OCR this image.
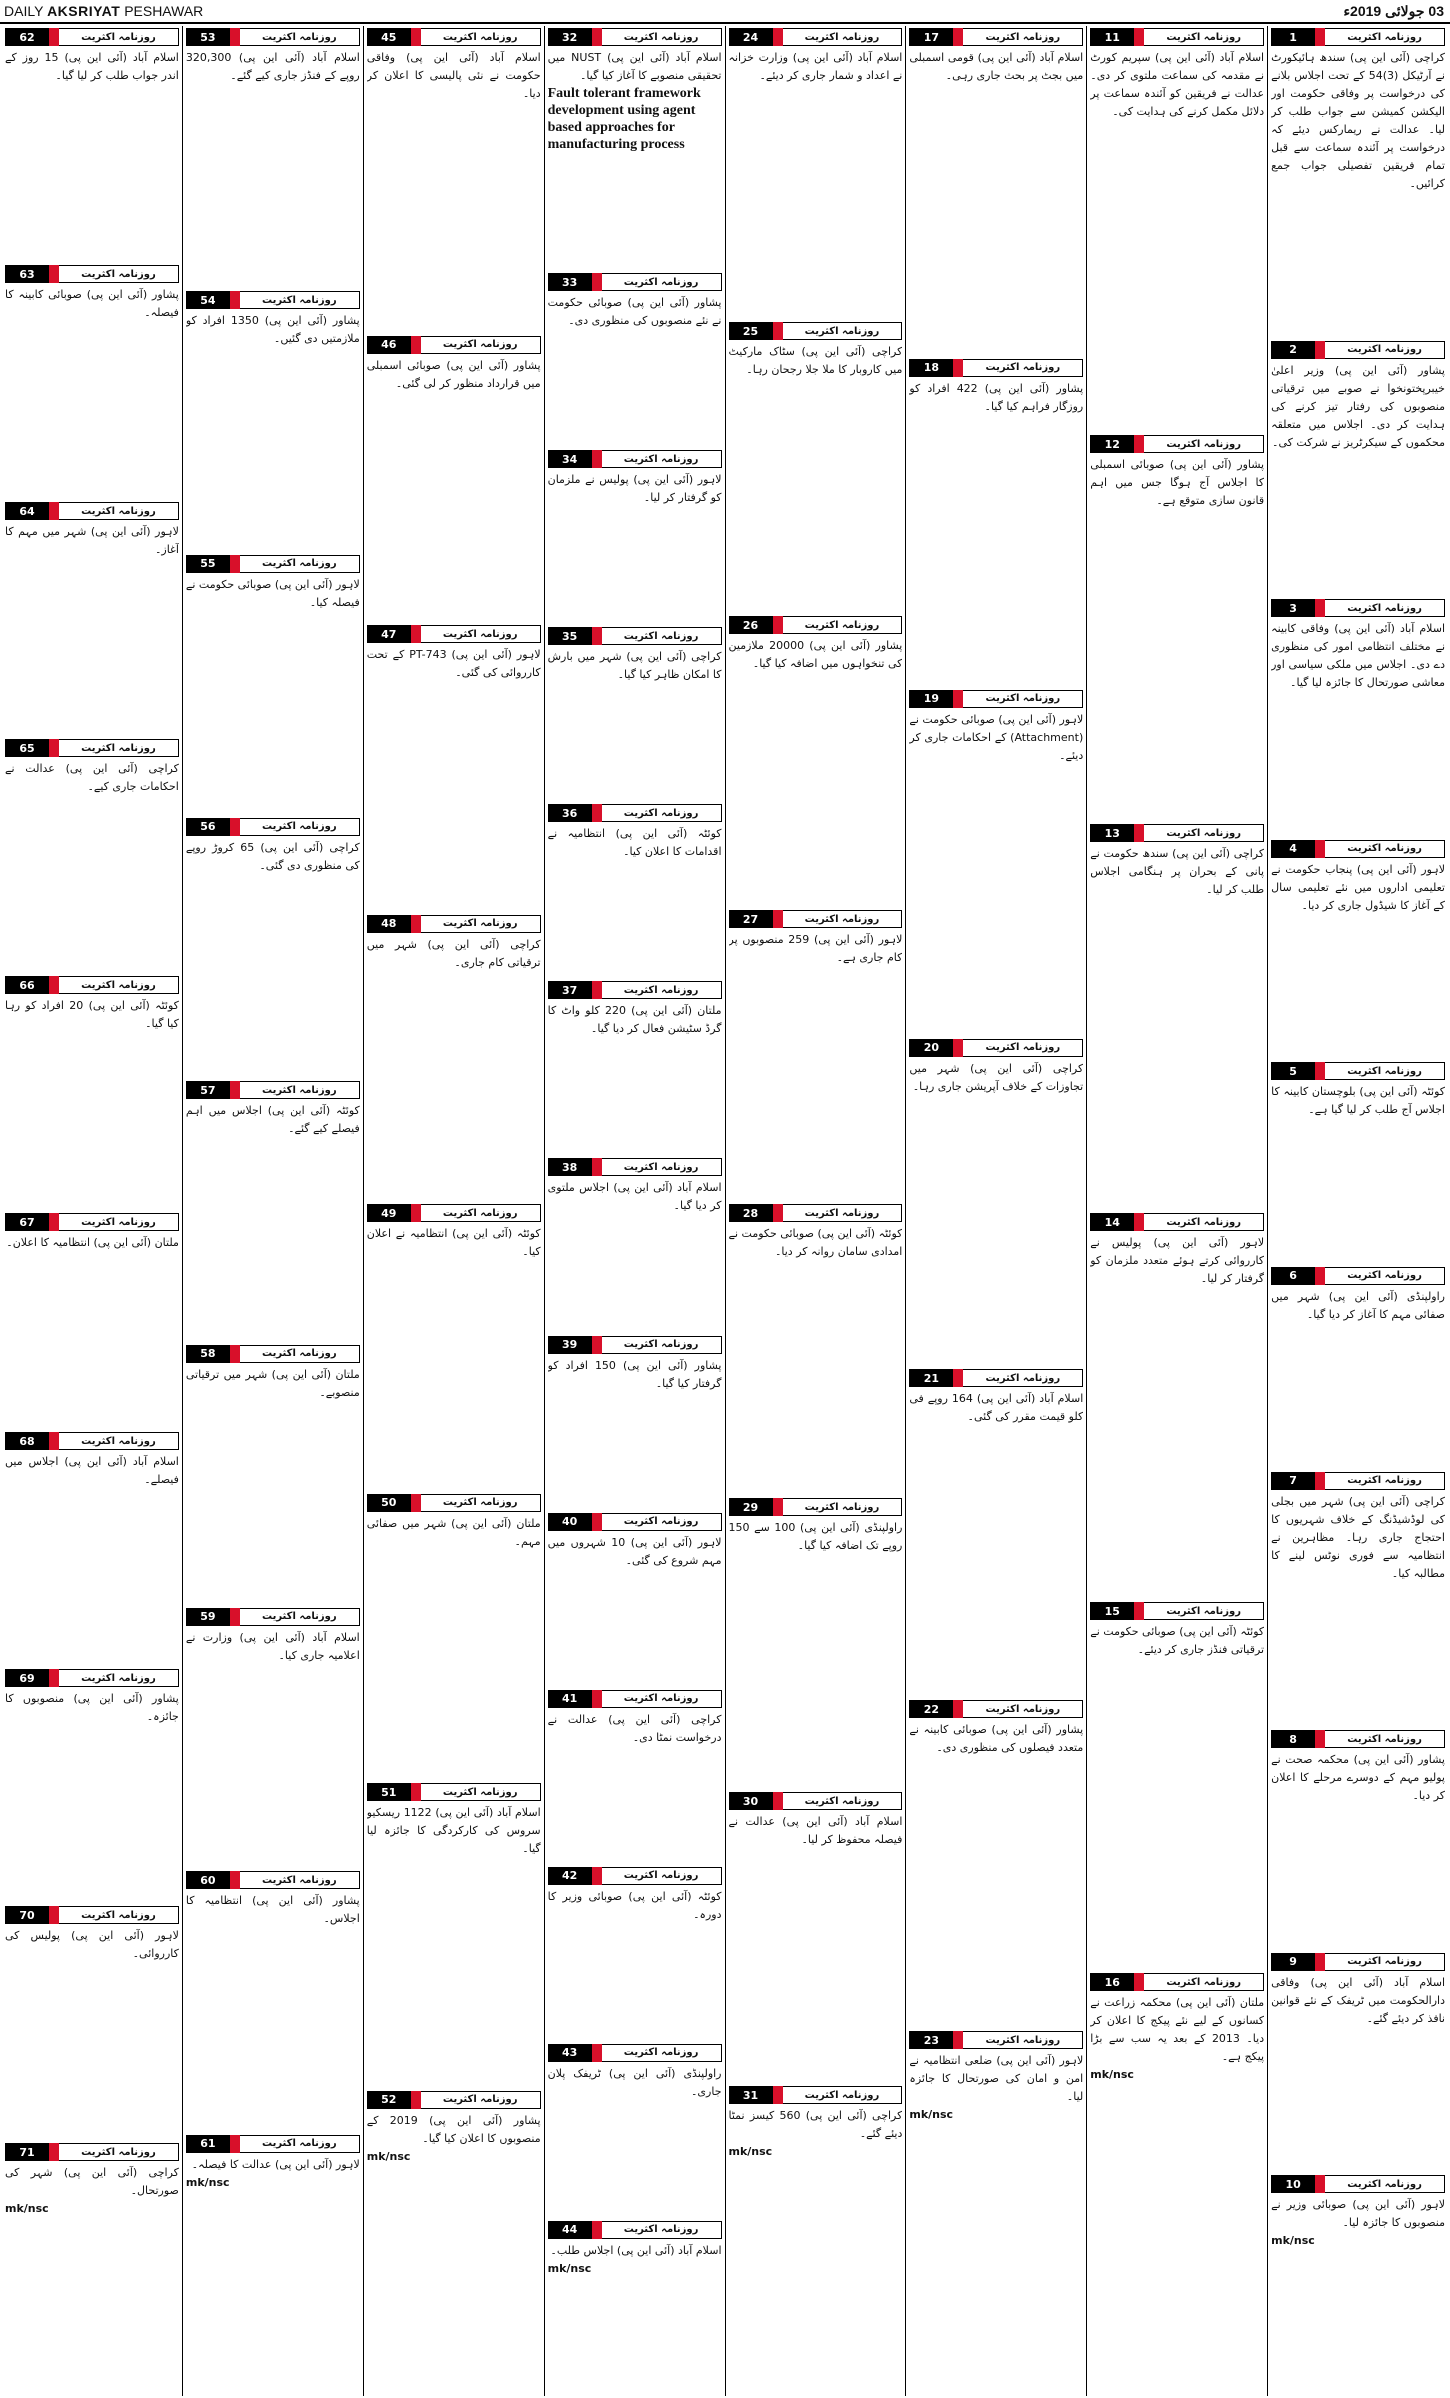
DAILY AKSRIYAT PESHAWAR	03 جولائی 2019ء
1	روزنامہ اکثریت

کراچی (آئی این پی) سندھ ہائیکورٹ نے آرٹیکل (3)54 کے تحت اجلاس بلانے کی درخواست پر وفاقی حکومت اور الیکشن کمیشن سے جواب طلب کر لیا۔ عدالت نے ریمارکس دیئے کہ درخواست پر آئندہ سماعت سے قبل تمام فریقین تفصیلی جواب جمع کرائیں۔

2	روزنامہ اکثریت

پشاور (آئی این پی) وزیر اعلیٰ خیبرپختونخوا نے صوبے میں ترقیاتی منصوبوں کی رفتار تیز کرنے کی ہدایت کر دی۔ اجلاس میں متعلقہ محکموں کے سیکرٹریز نے شرکت کی۔

3	روزنامہ اکثریت

اسلام آباد (آئی این پی) وفاقی کابینہ نے مختلف انتظامی امور کی منظوری دے دی۔ اجلاس میں ملکی سیاسی اور معاشی صورتحال کا جائزہ لیا گیا۔

4	روزنامہ اکثریت

لاہور (آئی این پی) پنجاب حکومت نے تعلیمی اداروں میں نئے تعلیمی سال کے آغاز کا شیڈول جاری کر دیا۔

5	روزنامہ اکثریت

کوئٹہ (آئی این پی) بلوچستان کابینہ کا اجلاس آج طلب کر لیا گیا ہے۔

6	روزنامہ اکثریت

راولپنڈی (آئی این پی) شہر میں صفائی مہم کا آغاز کر دیا گیا۔

7	روزنامہ اکثریت

کراچی (آئی این پی) شہر میں بجلی کی لوڈشیڈنگ کے خلاف شہریوں کا احتجاج جاری رہا۔ مظاہرین نے انتظامیہ سے فوری نوٹس لینے کا مطالبہ کیا۔

8	روزنامہ اکثریت

پشاور (آئی این پی) محکمہ صحت نے پولیو مہم کے دوسرے مرحلے کا اعلان کر دیا۔

9	روزنامہ اکثریت

اسلام آباد (آئی این پی) وفاقی دارالحکومت میں ٹریفک کے نئے قوانین نافذ کر دیئے گئے۔

10	روزنامہ اکثریت

لاہور (آئی این پی) صوبائی وزیر نے منصوبوں کا جائزہ لیا۔

mk/nsc

11	روزنامہ اکثریت

اسلام آباد (آئی این پی) سپریم کورٹ نے مقدمہ کی سماعت ملتوی کر دی۔ عدالت نے فریقین کو آئندہ سماعت پر دلائل مکمل کرنے کی ہدایت کی۔

12	روزنامہ اکثریت

پشاور (آئی این پی) صوبائی اسمبلی کا اجلاس آج ہوگا جس میں اہم قانون سازی متوقع ہے۔

13	روزنامہ اکثریت

کراچی (آئی این پی) سندھ حکومت نے پانی کے بحران پر ہنگامی اجلاس طلب کر لیا۔

14	روزنامہ اکثریت

لاہور (آئی این پی) پولیس نے کارروائی کرتے ہوئے متعدد ملزمان کو گرفتار کر لیا۔

15	روزنامہ اکثریت

کوئٹہ (آئی این پی) صوبائی حکومت نے ترقیاتی فنڈز جاری کر دیئے۔

16	روزنامہ اکثریت

ملتان (آئی این پی) محکمہ زراعت نے کسانوں کے لیے نئے پیکج کا اعلان کر دیا۔ 2013 کے بعد یہ سب سے بڑا پیکج ہے۔

mk/nsc

17	روزنامہ اکثریت

اسلام آباد (آئی این پی) قومی اسمبلی میں بجٹ پر بحث جاری رہی۔

18	روزنامہ اکثریت

پشاور (آئی این پی) 422 افراد کو روزگار فراہم کیا گیا۔

19	روزنامہ اکثریت

لاہور (آئی این پی) صوبائی حکومت نے (Attachment) کے احکامات جاری کر دیئے۔

20	روزنامہ اکثریت

کراچی (آئی این پی) شہر میں تجاوزات کے خلاف آپریشن جاری رہا۔

21	روزنامہ اکثریت

اسلام آباد (آئی این پی) 164 روپے فی کلو قیمت مقرر کی گئی۔

22	روزنامہ اکثریت

پشاور (آئی این پی) صوبائی کابینہ نے متعدد فیصلوں کی منظوری دی۔

23	روزنامہ اکثریت

لاہور (آئی این پی) ضلعی انتظامیہ نے امن و امان کی صورتحال کا جائزہ لیا۔

mk/nsc

24	روزنامہ اکثریت

اسلام آباد (آئی این پی) وزارت خزانہ نے اعداد و شمار جاری کر دیئے۔

25	روزنامہ اکثریت

کراچی (آئی این پی) سٹاک مارکیٹ میں کاروبار کا ملا جلا رجحان رہا۔

26	روزنامہ اکثریت

پشاور (آئی این پی) 20000 ملازمین کی تنخواہوں میں اضافہ کیا گیا۔

27	روزنامہ اکثریت

لاہور (آئی این پی) 259 منصوبوں پر کام جاری ہے۔

28	روزنامہ اکثریت

کوئٹہ (آئی این پی) صوبائی حکومت نے امدادی سامان روانہ کر دیا۔

29	روزنامہ اکثریت

راولپنڈی (آئی این پی) 100 سے 150 روپے تک اضافہ کیا گیا۔

30	روزنامہ اکثریت

اسلام آباد (آئی این پی) عدالت نے فیصلہ محفوظ کر لیا۔

31	روزنامہ اکثریت

کراچی (آئی این پی) 560 کیسز نمٹا دیئے گئے۔

mk/nsc

32	روزنامہ اکثریت

اسلام آباد (آئی این پی) NUST میں تحقیقی منصوبے کا آغاز کیا گیا۔

Fault tolerant framework development using agent based approaches for manufacturing process

33	روزنامہ اکثریت

پشاور (آئی این پی) صوبائی حکومت نے نئے منصوبوں کی منظوری دی۔

34	روزنامہ اکثریت

لاہور (آئی این پی) پولیس نے ملزمان کو گرفتار کر لیا۔

35	روزنامہ اکثریت

کراچی (آئی این پی) شہر میں بارش کا امکان ظاہر کیا گیا۔

36	روزنامہ اکثریت

کوئٹہ (آئی این پی) انتظامیہ نے اقدامات کا اعلان کیا۔

37	روزنامہ اکثریت

ملتان (آئی این پی) 220 کلو واٹ کا گرڈ سٹیشن فعال کر دیا گیا۔

38	روزنامہ اکثریت

اسلام آباد (آئی این پی) اجلاس ملتوی کر دیا گیا۔

39	روزنامہ اکثریت

پشاور (آئی این پی) 150 افراد کو گرفتار کیا گیا۔

40	روزنامہ اکثریت

لاہور (آئی این پی) 10 شہروں میں مہم شروع کی گئی۔

41	روزنامہ اکثریت

کراچی (آئی این پی) عدالت نے درخواست نمٹا دی۔

42	روزنامہ اکثریت

کوئٹہ (آئی این پی) صوبائی وزیر کا دورہ۔

43	روزنامہ اکثریت

راولپنڈی (آئی این پی) ٹریفک پلان جاری۔

44	روزنامہ اکثریت

اسلام آباد (آئی این پی) اجلاس طلب۔

mk/nsc

45	روزنامہ اکثریت

اسلام آباد (آئی این پی) وفاقی حکومت نے نئی پالیسی کا اعلان کر دیا۔

46	روزنامہ اکثریت

پشاور (آئی این پی) صوبائی اسمبلی میں قرارداد منظور کر لی گئی۔

47	روزنامہ اکثریت

لاہور (آئی این پی) PT-743 کے تحت کارروائی کی گئی۔

48	روزنامہ اکثریت

کراچی (آئی این پی) شہر میں ترقیاتی کام جاری۔

49	روزنامہ اکثریت

کوئٹہ (آئی این پی) انتظامیہ نے اعلان کیا۔

50	روزنامہ اکثریت

ملتان (آئی این پی) شہر میں صفائی مہم۔

51	روزنامہ اکثریت

اسلام آباد (آئی این پی) 1122 ریسکیو سروس کی کارکردگی کا جائزہ لیا گیا۔

52	روزنامہ اکثریت

پشاور (آئی این پی) 2019 کے منصوبوں کا اعلان کیا گیا۔

mk/nsc

53	روزنامہ اکثریت

اسلام آباد (آئی این پی) 320,300 روپے کے فنڈز جاری کیے گئے۔

54	روزنامہ اکثریت

پشاور (آئی این پی) 1350 افراد کو ملازمتیں دی گئیں۔

55	روزنامہ اکثریت

لاہور (آئی این پی) صوبائی حکومت نے فیصلہ کیا۔

56	روزنامہ اکثریت

کراچی (آئی این پی) 65 کروڑ روپے کی منظوری دی گئی۔

57	روزنامہ اکثریت

کوئٹہ (آئی این پی) اجلاس میں اہم فیصلے کیے گئے۔

58	روزنامہ اکثریت

ملتان (آئی این پی) شہر میں ترقیاتی منصوبے۔

59	روزنامہ اکثریت

اسلام آباد (آئی این پی) وزارت نے اعلامیہ جاری کیا۔

60	روزنامہ اکثریت

پشاور (آئی این پی) انتظامیہ کا اجلاس۔

61	روزنامہ اکثریت

لاہور (آئی این پی) عدالت کا فیصلہ۔

mk/nsc

62	روزنامہ اکثریت

اسلام آباد (آئی این پی) 15 روز کے اندر جواب طلب کر لیا گیا۔

63	روزنامہ اکثریت

پشاور (آئی این پی) صوبائی کابینہ کا فیصلہ۔

64	روزنامہ اکثریت

لاہور (آئی این پی) شہر میں مہم کا آغاز۔

65	روزنامہ اکثریت

کراچی (آئی این پی) عدالت نے احکامات جاری کیے۔

66	روزنامہ اکثریت

کوئٹہ (آئی این پی) 20 افراد کو رہا کیا گیا۔

67	روزنامہ اکثریت

ملتان (آئی این پی) انتظامیہ کا اعلان۔

68	روزنامہ اکثریت

اسلام آباد (آئی این پی) اجلاس میں فیصلے۔

69	روزنامہ اکثریت

پشاور (آئی این پی) منصوبوں کا جائزہ۔

70	روزنامہ اکثریت

لاہور (آئی این پی) پولیس کی کارروائی۔

71	روزنامہ اکثریت

کراچی (آئی این پی) شہر کی صورتحال۔

mk/nsc
